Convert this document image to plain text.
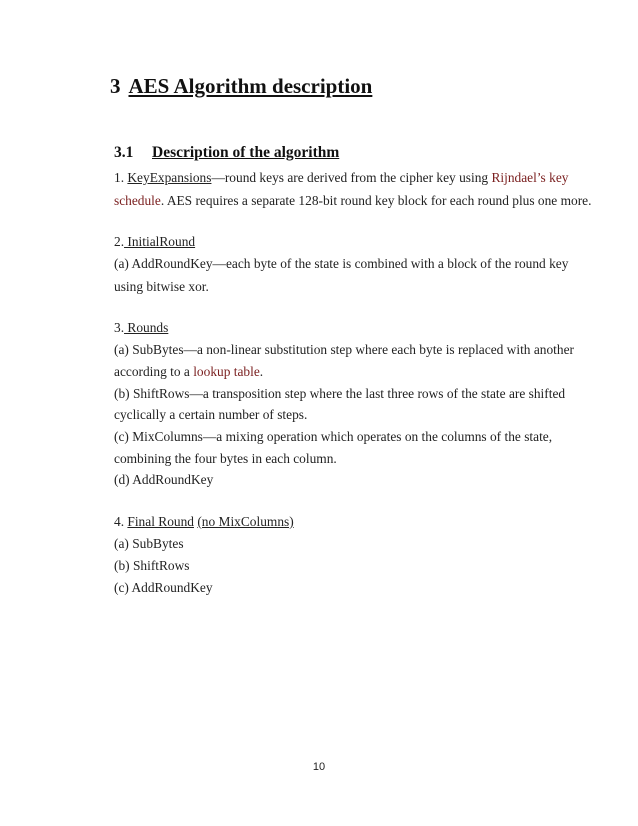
3 AES Algorithm description
3.1 Description of the algorithm
1. KeyExpansions—round keys are derived from the cipher key using Rijndael’s key
schedule. AES requires a separate 128-bit round key block for each round plus one more.
2. InitialRound
(a) AddRoundKey—each byte of the state is combined with a block of the round key
using bitwise xor.
3. Rounds
(a) SubBytes—a non-linear substitution step where each byte is replaced with another
according to a lookup table.
(b) ShiftRows—a transposition step where the last three rows of the state are shifted
cyclically a certain number of steps.
(c) MixColumns—a mixing operation which operates on the columns of the state,
combining the four bytes in each column.
(d) AddRoundKey
4. Final Round (no MixColumns)
(a) SubBytes
(b) ShiftRows
(c) AddRoundKey
10
